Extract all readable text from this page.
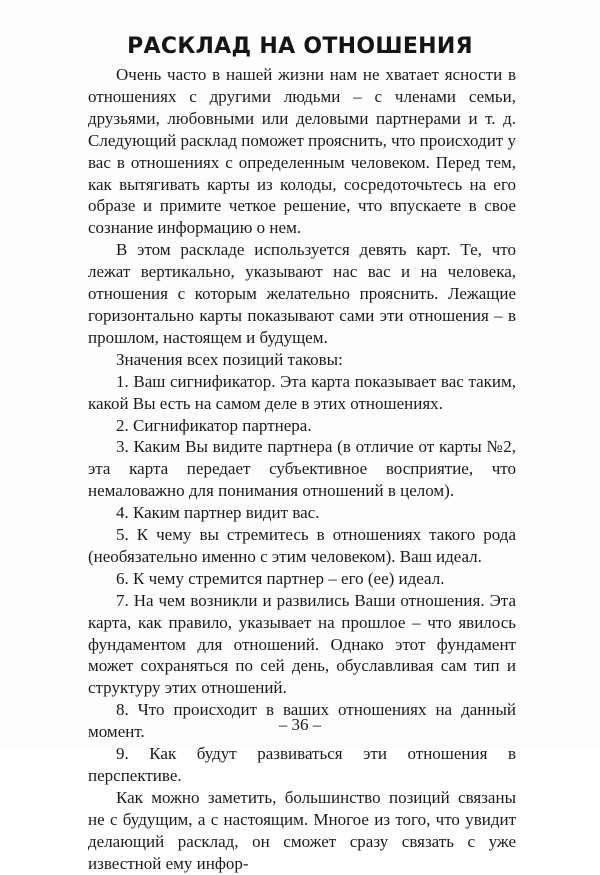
РАСКЛАД НА ОТНОШЕНИЯ

Очень часто в нашей жизни нам не хватает ясности в отношениях с другими людьми – с членами семьи, друзьями, любовными или деловыми партнерами и т. д. Следующий расклад поможет прояснить, что происходит у вас в отношениях с определенным человеком. Перед тем, как вытягивать карты из колоды, сосредоточьтесь на его образе и примите четкое решение, что впускаете в свое сознание информацию о нем.

В этом раскладе используется девять карт. Те, что лежат вертикально, указывают нас вас и на человека, отношения с которым желательно прояснить. Лежащие горизонтально карты показывают сами эти отношения – в прошлом, настоящем и будущем.

Значения всех позиций таковы:

1. Ваш сигнификатор. Эта карта показывает вас таким, какой Вы есть на самом деле в этих отношениях.

2. Сигнификатор партнера.

3. Каким Вы видите партнера (в отличие от карты №2, эта карта передает субъективное восприятие, что немаловажно для понимания отношений в целом).

4. Каким партнер видит вас.

5. К чему вы стремитесь в отношениях такого рода (необязательно именно с этим человеком). Ваш идеал.

6. К чему стремится партнер – его (ее) идеал.

7. На чем возникли и развились Ваши отношения. Эта карта, как правило, указывает на прошлое – что явилось фундаментом для отношений. Однако этот фундамент может сохраняться по сей день, обуславливая сам тип и структуру этих отношений.

8. Что происходит в ваших отношениях на данный момент.

9. Как будут развиваться эти отношения в перспективе.

Как можно заметить, большинство позиций связаны не с будущим, а с настоящим. Многое из того, что увидит делающий расклад, он сможет сразу связать с уже известной ему инфор-

– 36 –
